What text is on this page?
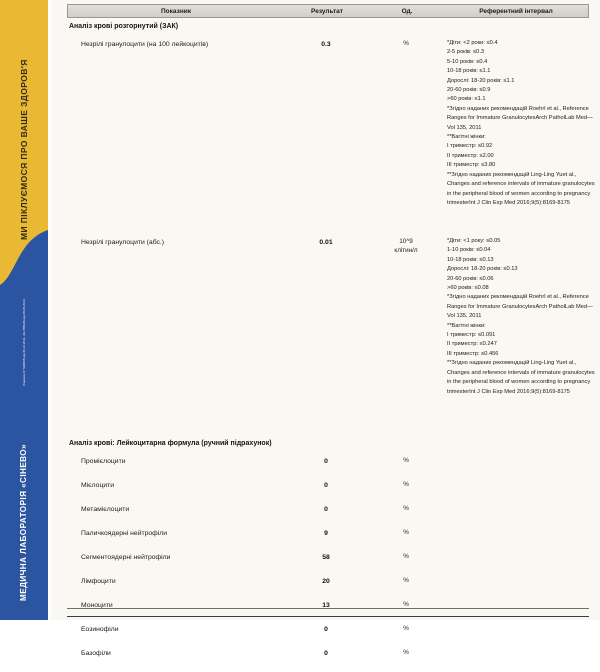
МИ ПІКЛУЄМОСЯ ПРО ВАШЕ ЗДОРОВ'Я
Ліцензія АГ 599835 від 30.12.2011, АЕ 285196 від 08.02.2014
МЕДИЧНА ЛАБОРАТОРІЯ «СІНЕВО»
Показник	Результат	Од.	Референтний інтервал
Аналіз крові розгорнутий (ЗАК)
Незрілі гранулоцити (на 100 лейкоцитів)	0.3	%	*Діти: <2 роки: ≤0.4
2-5 років: ≤0.3
5-10 років: ≤0.4
10-18 років: ≤1.1
Дорослі: 18-20 років: ≤1.1
20-60 років: ≤0.9
>60 років: ≤1.1
*Згідно наданих рекомендацій Roehrl et al., Reference Ranges for Immature GranulocytesArch PatholLab Med—Vol 135, 2011
**Вагітні жінки:
І триместр: ≤0.92
ІІ триместр: ≤2.00
ІІІ триместр: ≤3.80
**Згідно наданих рекомендацій Ling-Ling Yuet al., Changes and reference intervals of immature granulocytes in the peripheral blood of women according to pregnancy trimesterInt J Clin Exp Med 2016;9(5):8169-8175
Незрілі гранулоцити (абс.)	0.01	10^9
клітин/л
*Діти: <1 року: ≤0.05
1-10 років: ≤0.04
10-18 років: ≤0.13
Дорослі: 18-20 років: ≤0.13
20-60 років: ≤0.06
>60 років: ≤0.08
*Згідно наданих рекомендацій Roehrl et al., Reference Ranges for Immature GranulocytesArch PatholLab Med—Vol 135, 2011
**Вагітні жінки:
І триместр: ≤0.091
ІІ триместр: ≤0.247
ІІІ триместр: ≤0.456
**Згідно наданих рекомендацій Ling-Ling Yuet al., Changes and reference intervals of immature granulocytes in the peripheral blood of women according to pregnancy trimesterInt J Clin Exp Med 2016;9(5):8169-8175
Аналіз крові: Лейкоцитарна формула (ручний підрахунок)
Промієлоцити	0	%
Мієлоцити	0	%
Метамієлоцити	0	%
Паличкоядерні нейтрофіли	9	%
Сегментоядерні нейтрофіли	58	%
Лімфоцити	20	%
Моноцити	13	%
Еозинофіли	0	%
Базофіли	0	%
